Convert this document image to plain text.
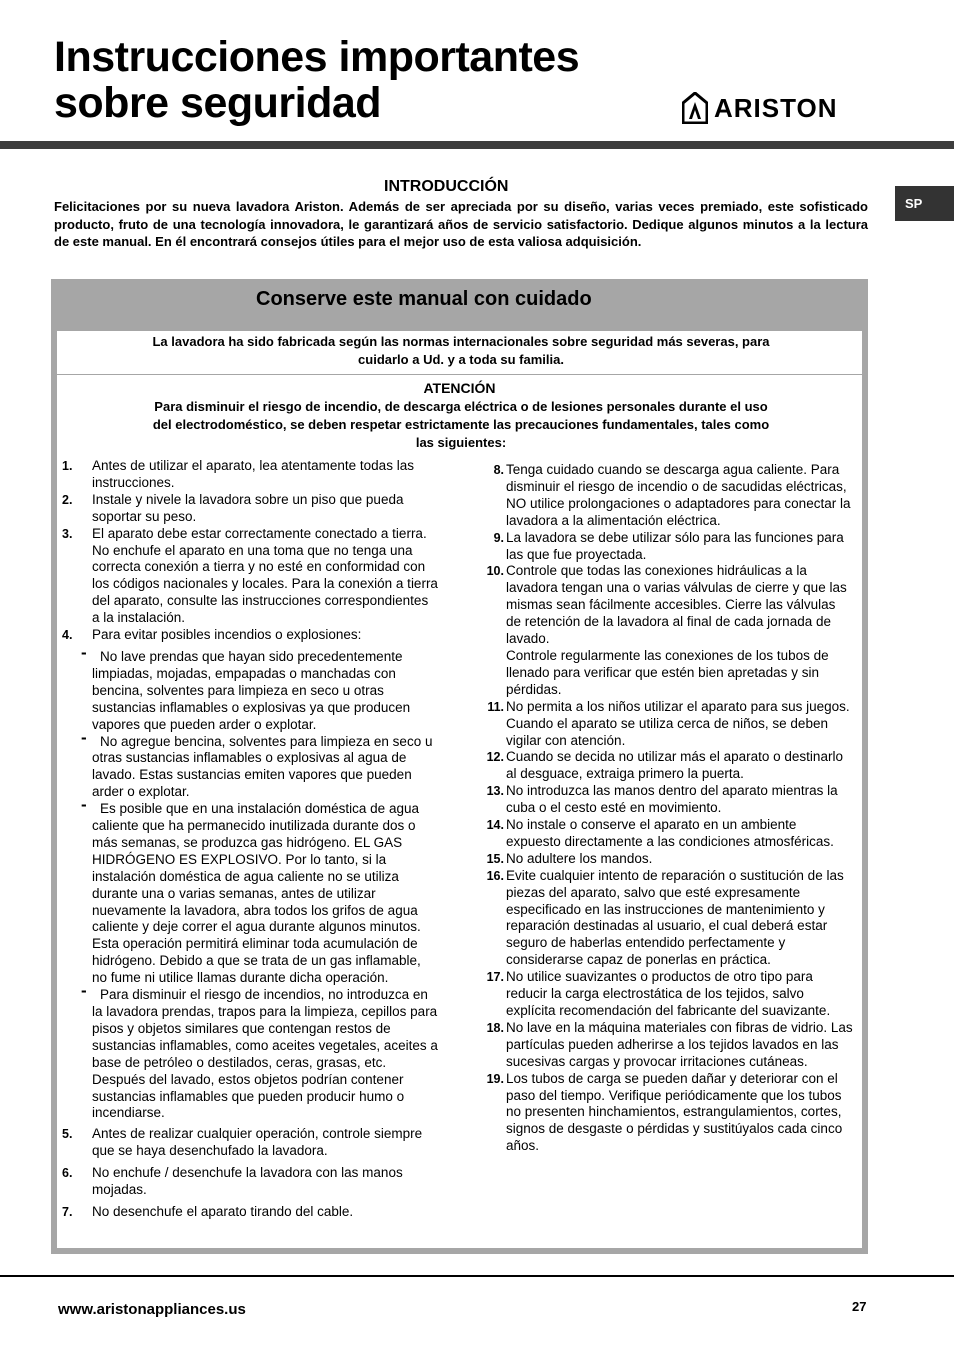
Instrucciones importantes
sobre seguridad	ARISTON
SP
INTRODUCCIÓN
Felicitaciones por su nueva lavadora Ariston. Además de ser apreciada por su diseño, varias veces premiado, este sofisticado producto, fruto de una tecnología innovadora, le garantizará años de servicio satisfactorio. Dedique algunos minutos a la lectura de este manual. En él encontrará consejos útiles para el mejor uso de esta valiosa adquisición.
Conserve este manual con cuidado
La lavadora ha sido fabricada según las normas internacionales sobre seguridad más severas, para
cuidarlo a Ud. y a toda su familia.
ATENCIÓN
Para disminuir el riesgo de incendio, de descarga eléctrica o de lesiones personales durante el uso
del electrodoméstico, se deben respetar estrictamente las precauciones fundamentales, tales como
las siguientes:
1. Antes de utilizar el aparato, lea atentamente todas las instrucciones.
2. Instale y nivele la lavadora sobre un piso que pueda soportar su peso.
3. El aparato debe estar correctamente conectado a tierra. No enchufe el aparato en una toma que no tenga una correcta conexión a tierra y no esté en conformidad con los códigos nacionales y locales. Para la conexión a tierra del aparato, consulte las instrucciones correspondientes a la instalación.
4. Para evitar posibles incendios o explosiones:
- No lave prendas que hayan sido precedentemente limpiadas, mojadas, empapadas o manchadas con bencina, solventes para limpieza en seco u otras sustancias inflamables o explosivas ya que producen vapores que pueden arder o explotar.
- No agregue bencina, solventes para limpieza en seco u otras sustancias inflamables o explosivas al agua de lavado. Estas sustancias emiten vapores que pueden arder o explotar.
- Es posible que en una instalación doméstica de agua caliente que ha permanecido inutilizada durante dos o más semanas, se produzca gas hidrógeno. EL GAS HIDRÓGENO ES EXPLOSIVO. Por lo tanto, si la instalación doméstica de agua caliente no se utiliza durante una o varias semanas, antes de utilizar nuevamente la lavadora, abra todos los grifos de agua caliente y deje correr el agua durante algunos minutos. Esta operación permitirá eliminar toda acumulación de hidrógeno. Debido a que se trata de un gas inflamable, no fume ni utilice llamas durante dicha operación.
- Para disminuir el riesgo de incendios, no introduzca en la lavadora prendas, trapos para la limpieza, cepillos para pisos y objetos similares que contengan restos de sustancias inflamables, como aceites vegetales, aceites a base de petróleo o destilados, ceras, grasas, etc. Después del lavado, estos objetos podrían contener sustancias inflamables que pueden producir humo o incendiarse.
5. Antes de realizar cualquier operación, controle siempre que se haya desenchufado la lavadora.
6. No enchufe / desenchufe la lavadora con las manos mojadas.
7. No desenchufe el aparato tirando del cable.
8. Tenga cuidado cuando se descarga agua caliente. Para disminuir el riesgo de incendio o de sacudidas eléctricas, NO utilice prolongaciones o adaptadores para conectar la lavadora a la alimentación eléctrica.
9. La lavadora se debe utilizar sólo para las funciones para las que fue proyectada.
10. Controle que todas las conexiones hidráulicas a la lavadora tengan una o varias válvulas de cierre y que las mismas sean fácilmente accesibles. Cierre las válvulas de retención de la lavadora al final de cada jornada de lavado.
Controle regularmente las conexiones de los tubos de llenado para verificar que estén bien apretadas y sin pérdidas.
11. No permita a los niños utilizar el aparato para sus juegos. Cuando el aparato se utiliza cerca de niños, se deben vigilar con atención.
12. Cuando se decida no utilizar más el aparato o destinarlo al desguace, extraiga primero la puerta.
13. No introduzca las manos dentro del aparato mientras la cuba o el cesto esté en movimiento.
14. No instale o conserve el aparato en un ambiente expuesto directamente a las condiciones atmosféricas.
15. No adultere los mandos.
16. Evite cualquier intento de reparación o sustitución de las piezas del aparato, salvo que esté expresamente especificado en las instrucciones de mantenimiento y reparación destinadas al usuario, el cual deberá estar seguro de haberlas entendido perfectamente y considerarse capaz de ponerlas en práctica.
17. No utilice suavizantes o productos de otro tipo para reducir la carga electrostática de los tejidos, salvo explícita recomendación del fabricante del suavizante.
18. No lave en la máquina materiales con fibras de vidrio. Las partículas pueden adherirse a los tejidos lavados en las sucesivas cargas y provocar irritaciones cutáneas.
19. Los tubos de carga se pueden dañar y deteriorar con el paso del tiempo. Verifique periódicamente que los tubos no presenten hinchamientos, estrangulamientos, cortes, signos de desgaste o pérdidas y sustitúyalos cada cinco años.
www.aristonappliances.us	27
